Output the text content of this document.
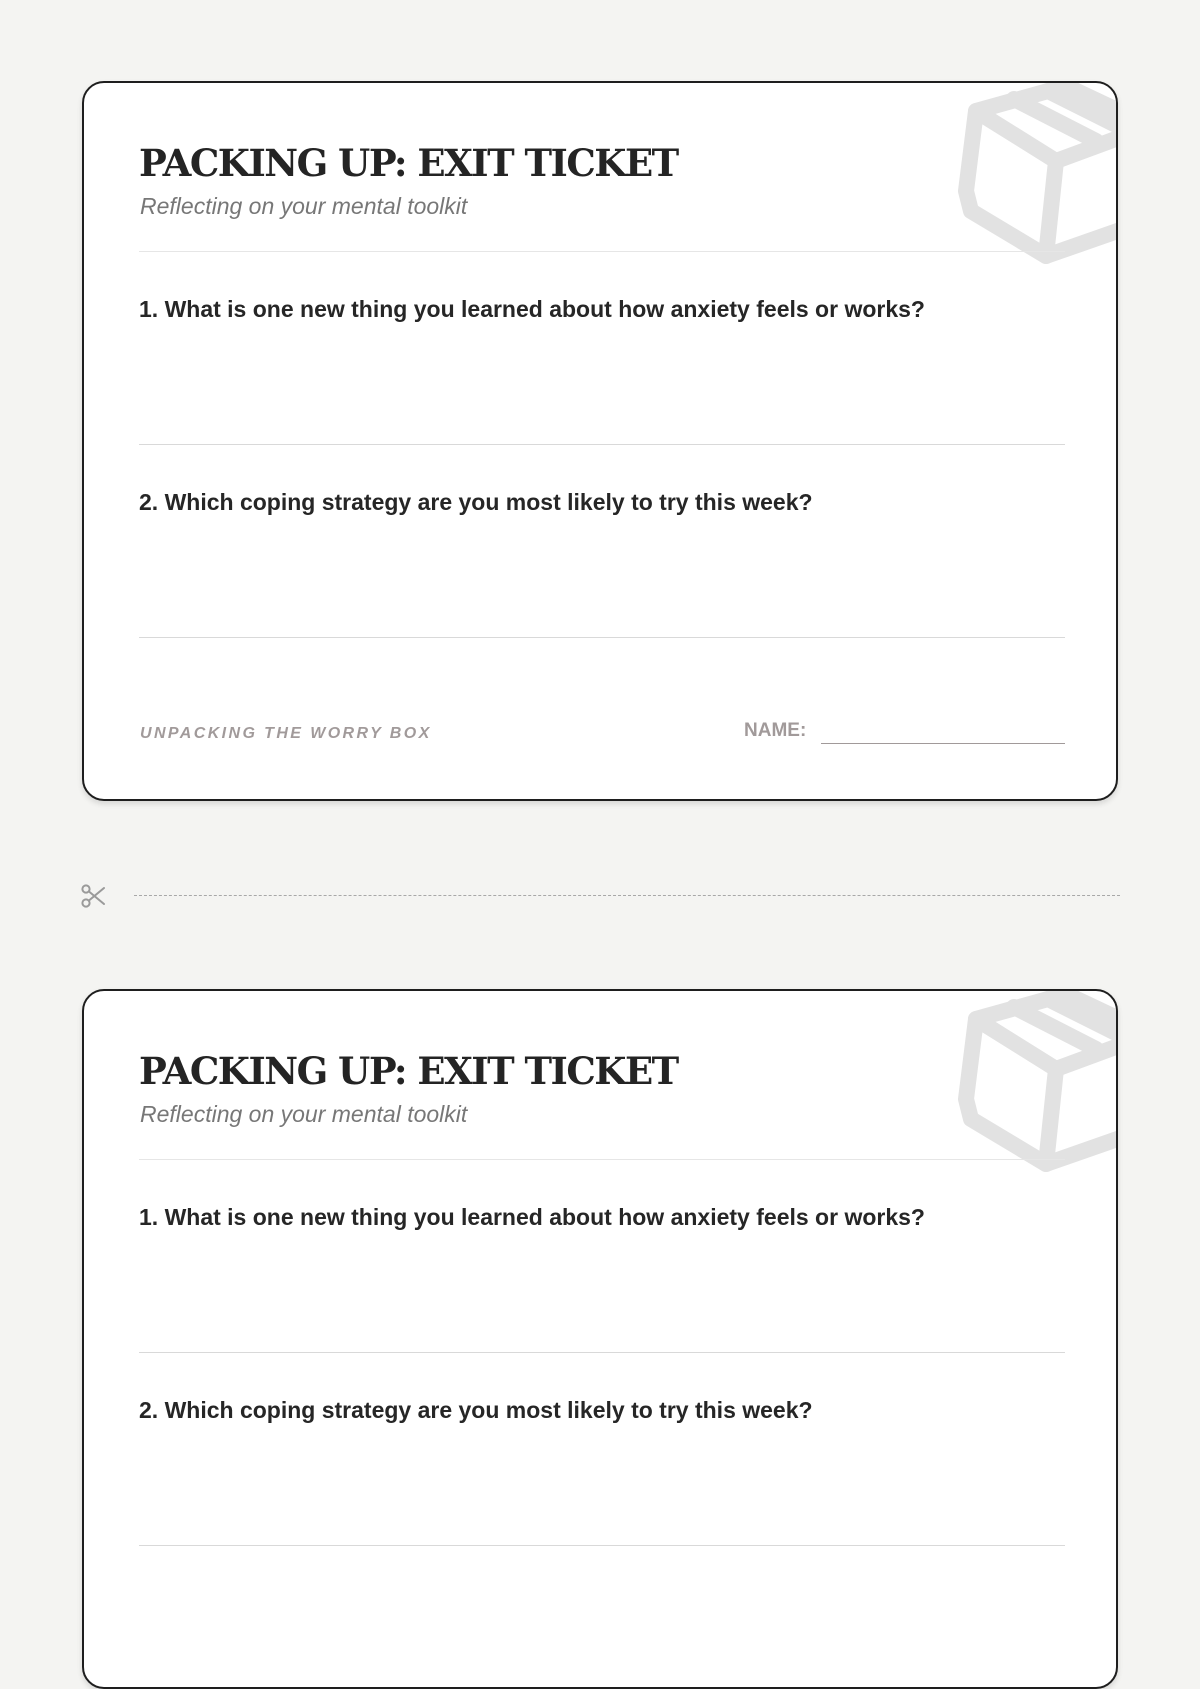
PACKING UP: EXIT TICKET

Reflecting on your mental toolkit

1. What is one new thing you learned about how anxiety feels or works?

2. Which coping strategy are you most likely to try this week?

UNPACKING THE WORRY BOX	NAME:
PACKING UP: EXIT TICKET

Reflecting on your mental toolkit

1. What is one new thing you learned about how anxiety feels or works?

2. Which coping strategy are you most likely to try this week?
